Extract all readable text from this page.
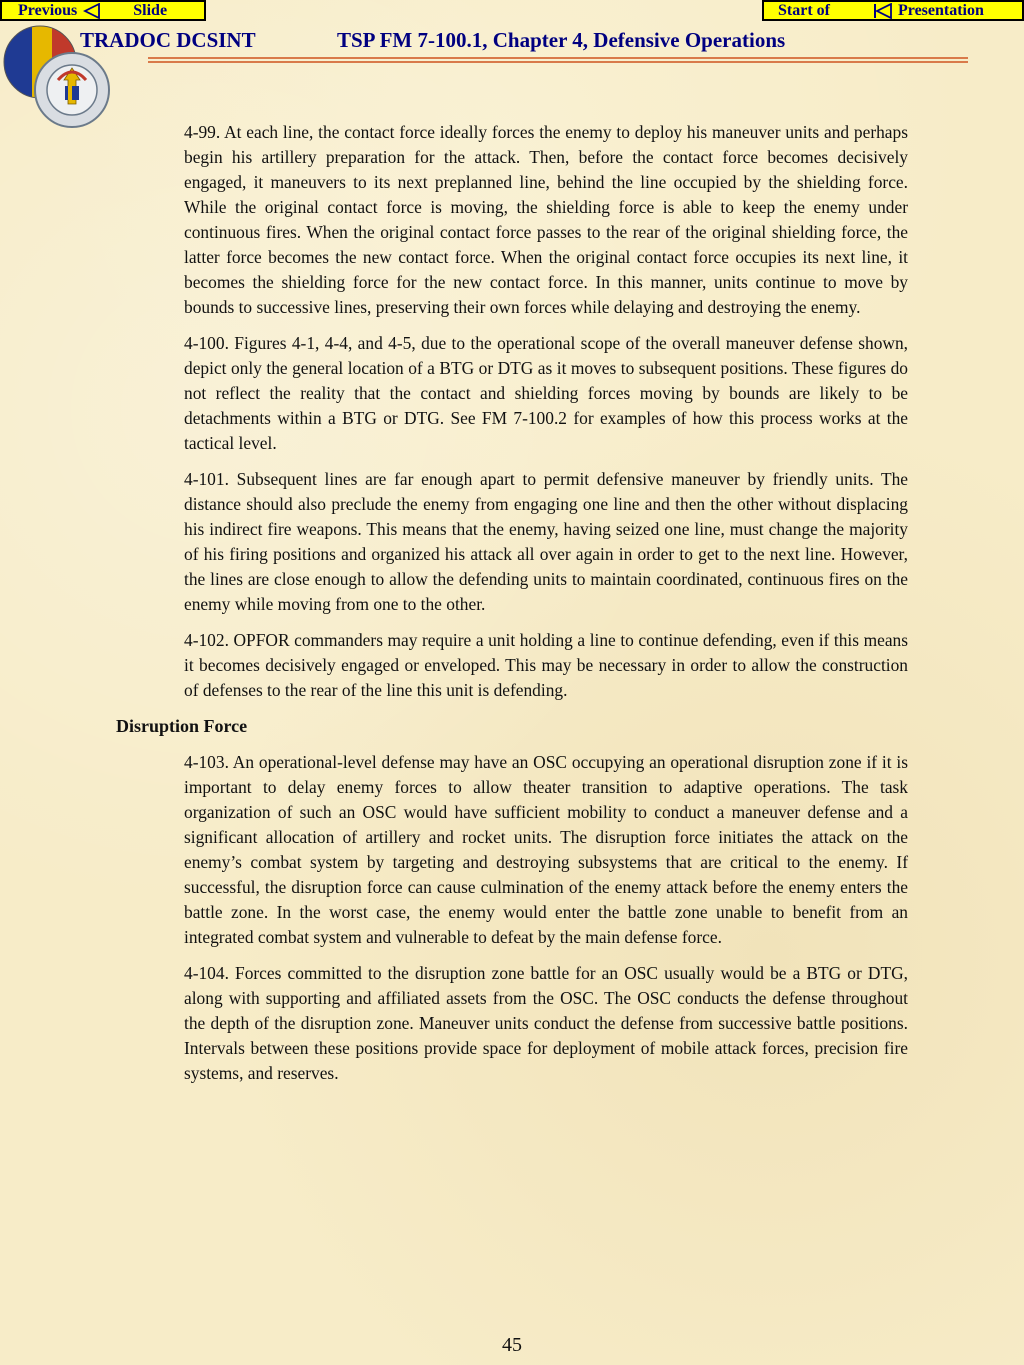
Previous	Slide	Start of	Presentation
TRADOC DCSINT	TSP FM 7-100.1, Chapter 4, Defensive Operations

4-99. At each line, the contact force ideally forces the enemy to deploy his maneuver units and perhaps begin his artillery preparation for the attack. Then, before the contact force becomes decisively engaged, it maneuvers to its next preplanned line, behind the line occupied by the shielding force. While the original contact force is moving, the shielding force is able to keep the enemy under continuous fires. When the original contact force passes to the rear of the original shielding force, the latter force becomes the new contact force. When the original contact force occupies its next line, it becomes the shielding force for the new contact force. In this manner, units continue to move by bounds to successive lines, preserving their own forces while delaying and destroying the enemy.

4-100. Figures 4-1, 4-4, and 4-5, due to the operational scope of the overall maneuver defense shown, depict only the general location of a BTG or DTG as it moves to subsequent positions. These figures do not reflect the reality that the contact and shielding forces moving by bounds are likely to be detachments within a BTG or DTG. See FM 7-100.2 for examples of how this process works at the tactical level.

4-101. Subsequent lines are far enough apart to permit defensive maneuver by friendly units. The distance should also preclude the enemy from engaging one line and then the other without displacing his indirect fire weapons. This means that the enemy, having seized one line, must change the majority of his firing positions and organized his attack all over again in order to get to the next line. However, the lines are close enough to allow the defending units to maintain coordinated, continuous fires on the enemy while moving from one to the other.

4-102. OPFOR commanders may require a unit holding a line to continue defending, even if this means it becomes decisively engaged or enveloped. This may be necessary in order to allow the construction of defenses to the rear of the line this unit is defending.

Disruption Force

4-103. An operational-level defense may have an OSC occupying an operational disruption zone if it is important to delay enemy forces to allow theater transition to adaptive operations. The task organization of such an OSC would have sufficient mobility to conduct a maneuver defense and a significant allocation of artillery and rocket units. The disruption force initiates the attack on the enemy’s combat system by targeting and destroying subsystems that are critical to the enemy. If successful, the disruption force can cause culmination of the enemy attack before the enemy enters the battle zone. In the worst case, the enemy would enter the battle zone unable to benefit from an integrated combat system and vulnerable to defeat by the main defense force.

4-104. Forces committed to the disruption zone battle for an OSC usually would be a BTG or DTG, along with supporting and affiliated assets from the OSC. The OSC conducts the defense throughout the depth of the disruption zone. Maneuver units conduct the defense from successive battle positions. Intervals between these positions provide space for deployment of mobile attack forces, precision fire systems, and reserves.

45
